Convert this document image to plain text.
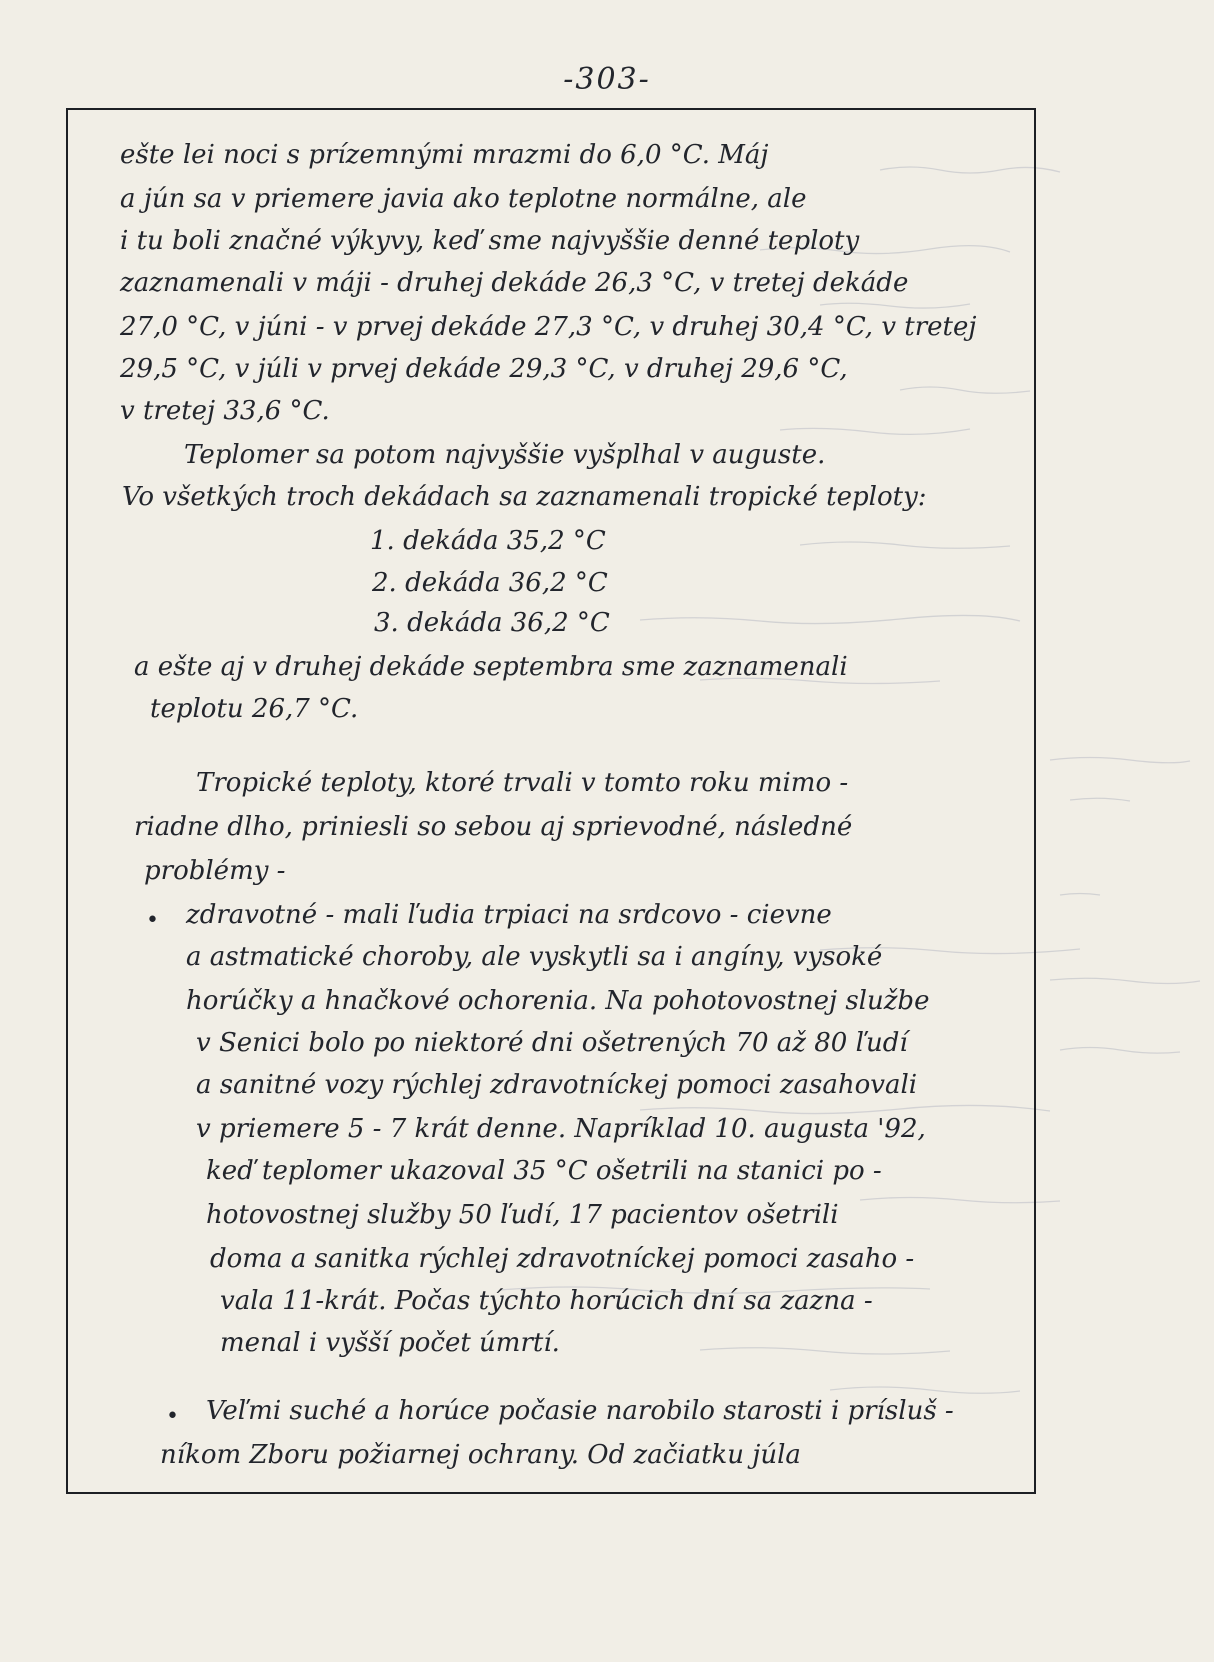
-303-
ešte lei noci s prízemnými mrazmi do 6,0 °C. Máj
a jún sa v priemere javia ako teplotne normálne, ale
i tu boli značné výkyvy, keď sme najvyššie denné teploty
zaznamenali v máji - druhej dekáde 26,3 °C, v tretej dekáde
27,0 °C, v júni - v prvej dekáde 27,3 °C, v druhej 30,4 °C, v tretej
29,5 °C, v júli v prvej dekáde 29,3 °C, v druhej 29,6 °C,
v tretej 33,6 °C.
Teplomer sa potom najvyššie vyšplhal v auguste.
Vo všetkých troch dekádach sa zaznamenali tropické teploty:
1. dekáda 35,2 °C
2. dekáda 36,2 °C
3. dekáda 36,2 °C
a ešte aj v druhej dekáde septembra sme zaznamenali
teplotu 26,7 °C.
Tropické teploty, ktoré trvali v tomto roku mimo -
riadne dlho, priniesli so sebou aj sprievodné, následné
problémy -
• zdravotné - mali ľudia trpiaci na srdcovo - cievne
a astmatické choroby, ale vyskytli sa i angíny, vysoké
horúčky a hnačkové ochorenia. Na pohotovostnej službe
v Senici bolo po niektoré dni ošetrených 70 až 80 ľudí
a sanitné vozy rýchlej zdravotníckej pomoci zasahovali
v priemere 5 - 7 krát denne. Napríklad 10. augusta '92,
keď teplomer ukazoval 35 °C ošetrili na stanici po -
hotovostnej služby 50 ľudí, 17 pacientov ošetrili
doma a sanitka rýchlej zdravotníckej pomoci zasaho -
vala 11-krát. Počas týchto horúcich dní sa zazna -
menal i vyšší počet úmrtí.
• Veľmi suché a horúce počasie narobilo starosti i prísluš -
níkom Zboru požiarnej ochrany. Od začiatku júla
